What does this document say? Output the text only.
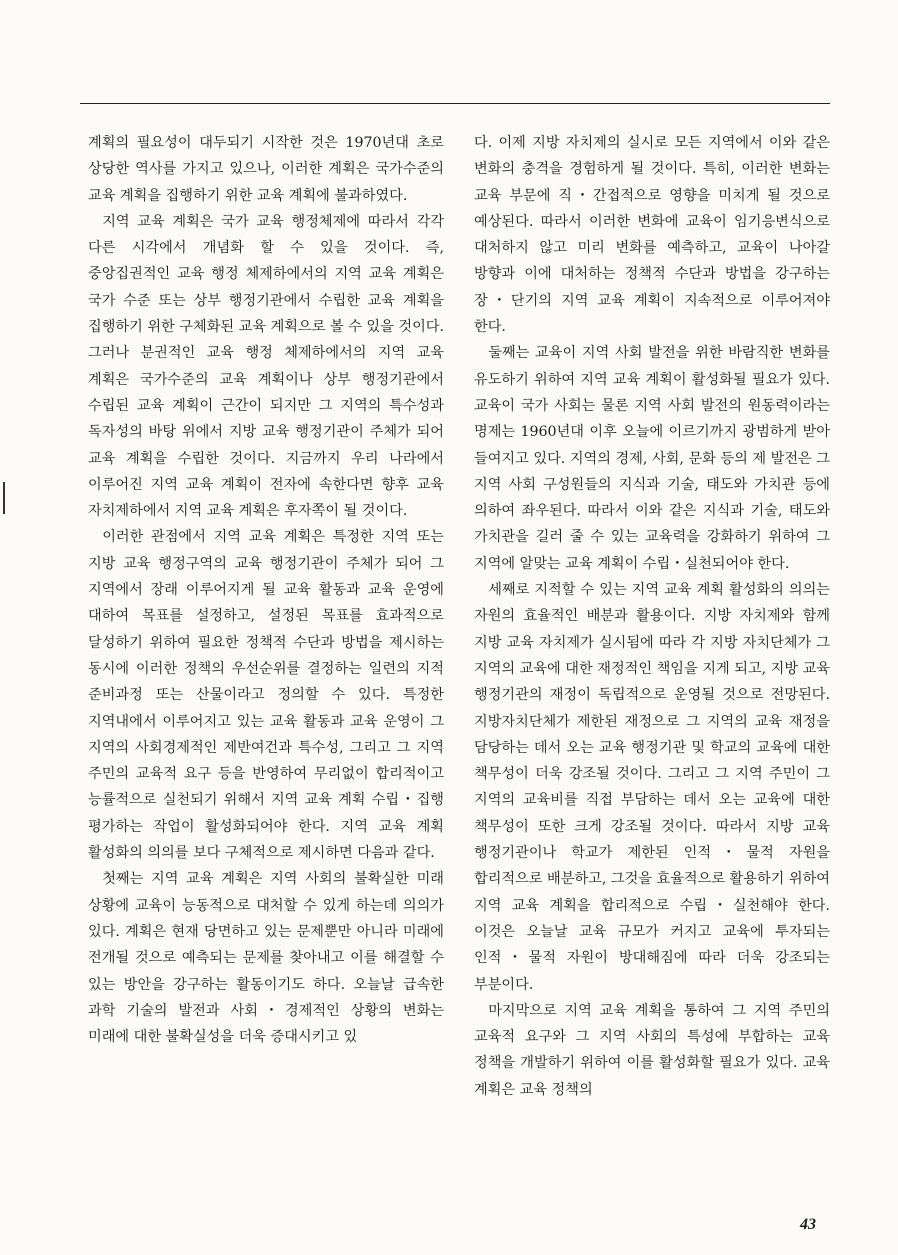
계획의 필요성이 대두되기 시작한 것은 1970년대 초로 상당한 역사를 가지고 있으나, 이러한 계획은 국가수준의 교육 계획을 집행하기 위한 교육 계획에 불과하였다.

지역 교육 계획은 국가 교육 행정체제에 따라서 각각 다른 시각에서 개념화 할 수 있을 것이다. 즉, 중앙집권적인 교육 행정 체제하에서의 지역 교육 계획은 국가 수준 또는 상부 행정기관에서 수립한 교육 계획을 집행하기 위한 구체화된 교육 계획으로 볼 수 있을 것이다. 그러나 분권적인 교육 행정 체제하에서의 지역 교육 계획은 국가수준의 교육 계획이나 상부 행정기관에서 수립된 교육 계획이 근간이 되지만 그 지역의 특수성과 독자성의 바탕 위에서 지방 교육 행정기관이 주체가 되어 교육 계획을 수립한 것이다. 지금까지 우리 나라에서 이루어진 지역 교육 계획이 전자에 속한다면 향후 교육 자치제하에서 지역 교육 계획은 후자쪽이 될 것이다.

이러한 관점에서 지역 교육 계획은 특정한 지역 또는 지방 교육 행정구역의 교육 행정기관이 주체가 되어 그 지역에서 장래 이루어지게 될 교육 활동과 교육 운영에 대하여 목표를 설정하고, 설정된 목표를 효과적으로 달성하기 위하여 필요한 정책적 수단과 방법을 제시하는 동시에 이러한 정책의 우선순위를 결정하는 일련의 지적 준비과정 또는 산물이라고 정의할 수 있다. 특정한 지역내에서 이루어지고 있는 교육 활동과 교육 운영이 그 지역의 사회경제적인 제반여건과 특수성, 그리고 그 지역 주민의 교육적 요구 등을 반영하여 무리없이 합리적이고 능률적으로 실천되기 위해서 지역 교육 계획 수립・집행 평가하는 작업이 활성화되어야 한다. 지역 교육 계획 활성화의 의의를 보다 구체적으로 제시하면 다음과 같다.

첫째는 지역 교육 계획은 지역 사회의 불확실한 미래 상황에 교육이 능동적으로 대처할 수 있게 하는데 의의가 있다. 계획은 현재 당면하고 있는 문제뿐만 아니라 미래에 전개될 것으로 예측되는 문제를 찾아내고 이를 해결할 수 있는 방안을 강구하는 활동이기도 하다. 오늘날 급속한 과학 기술의 발전과 사회・경제적인 상황의 변화는 미래에 대한 불확실성을 더욱 증대시키고 있

다. 이제 지방 자치제의 실시로 모든 지역에서 이와 같은 변화의 충격을 경험하게 될 것이다. 특히, 이러한 변화는 교육 부문에 직・간접적으로 영향을 미치게 될 것으로 예상된다. 따라서 이러한 변화에 교육이 임기응변식으로 대처하지 않고 미리 변화를 예측하고, 교육이 나아갈 방향과 이에 대처하는 정책적 수단과 방법을 강구하는 장・단기의 지역 교육 계획이 지속적으로 이루어져야 한다.

둘째는 교육이 지역 사회 발전을 위한 바람직한 변화를 유도하기 위하여 지역 교육 계획이 활성화될 필요가 있다. 교육이 국가 사회는 물론 지역 사회 발전의 원동력이라는 명제는 1960년대 이후 오늘에 이르기까지 광범하게 받아 들여지고 있다. 지역의 경제, 사회, 문화 등의 제 발전은 그 지역 사회 구성원들의 지식과 기술, 태도와 가치관 등에 의하여 좌우된다. 따라서 이와 같은 지식과 기술, 태도와 가치관을 길러 줄 수 있는 교육력을 강화하기 위하여 그 지역에 알맞는 교육 계획이 수립・실천되어야 한다.

세째로 지적할 수 있는 지역 교육 계획 활성화의 의의는 자원의 효율적인 배분과 활용이다. 지방 자치제와 함께 지방 교육 자치제가 실시됨에 따라 각 지방 자치단체가 그 지역의 교육에 대한 재정적인 책임을 지게 되고, 지방 교육 행정기관의 재정이 독립적으로 운영될 것으로 전망된다. 지방자치단체가 제한된 재정으로 그 지역의 교육 재정을 담당하는 데서 오는 교육 행정기관 및 학교의 교육에 대한 책무성이 더욱 강조될 것이다. 그리고 그 지역 주민이 그 지역의 교육비를 직접 부담하는 데서 오는 교육에 대한 책무성이 또한 크게 강조될 것이다. 따라서 지방 교육 행정기관이나 학교가 제한된 인적・물적 자원을 합리적으로 배분하고, 그것을 효율적으로 활용하기 위하여 지역 교육 계획을 합리적으로 수립・실천해야 한다. 이것은 오늘날 교육 규모가 커지고 교육에 투자되는 인적・물적 자원이 방대해짐에 따라 더욱 강조되는 부분이다.

마지막으로 지역 교육 계획을 통하여 그 지역 주민의 교육적 요구와 그 지역 사회의 특성에 부합하는 교육 정책을 개발하기 위하여 이를 활성화할 필요가 있다. 교육 계획은 교육 정책의

43
